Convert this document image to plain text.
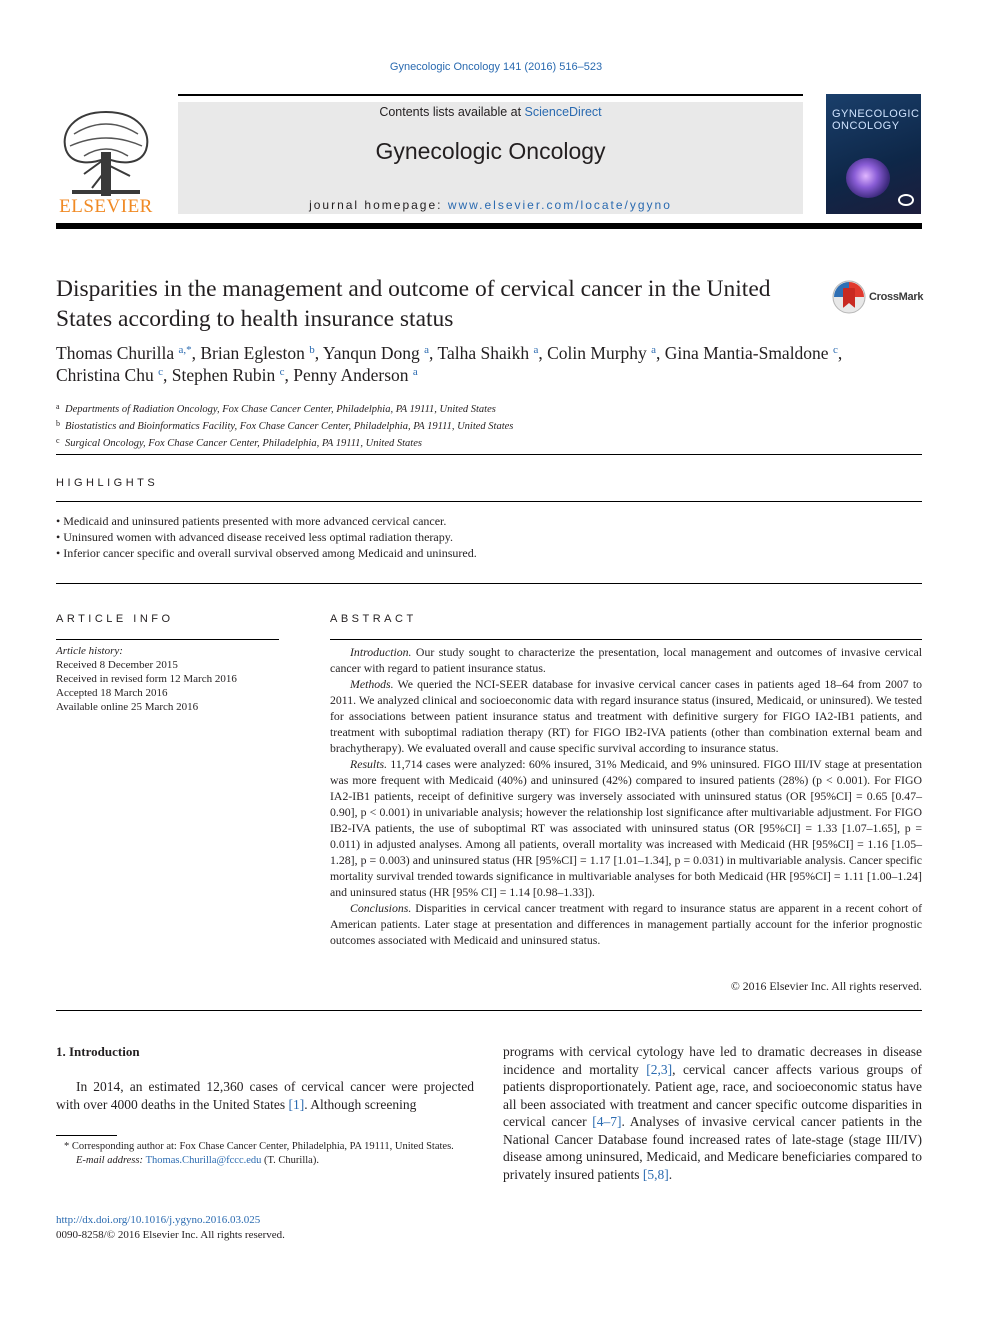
Gynecologic Oncology 141 (2016) 516–523
ELSEVIER
Contents lists available at ScienceDirect
Gynecologic Oncology
journal homepage: www.elsevier.com/locate/ygyno
GYNECOLOGIC
ONCOLOGY
Disparities in the management and outcome of cervical cancer in the United States according to health insurance status
CrossMark
Thomas Churilla $^{a,*}$, Brian Egleston $^b$, Yanqun Dong $^a$, Talha Shaikh $^a$, Colin Murphy $^a$, Gina Mantia-Smaldone $^c$,
Christina Chu $^c$, Stephen Rubin $^c$, Penny Anderson $^a$
a Departments of Radiation Oncology, Fox Chase Cancer Center, Philadelphia, PA 19111, United States
b Biostatistics and Bioinformatics Facility, Fox Chase Cancer Center, Philadelphia, PA 19111, United States
c Surgical Oncology, Fox Chase Cancer Center, Philadelphia, PA 19111, United States
HIGHLIGHTS
• Medicaid and uninsured patients presented with more advanced cervical cancer.
• Uninsured women with advanced disease received less optimal radiation therapy.
• Inferior cancer specific and overall survival observed among Medicaid and uninsured.
ARTICLE INFO
Article history:
Received 8 December 2015
Received in revised form 12 March 2016
Accepted 18 March 2016
Available online 25 March 2016
ABSTRACT

Introduction. Our study sought to characterize the presentation, local management and outcomes of invasive cervical cancer with regard to patient insurance status.

Methods. We queried the NCI-SEER database for invasive cervical cancer cases in patients aged 18–64 from 2007 to 2011. We analyzed clinical and socioeconomic data with regard insurance status (insured, Medicaid, or uninsured). We tested for associations between patient insurance status and treatment with definitive surgery for FIGO IA2-IB1 patients, and treatment with suboptimal radiation therapy (RT) for FIGO IB2-IVA patients (other than combination external beam and brachytherapy). We evaluated overall and cause specific survival according to insurance status.

Results. 11,714 cases were analyzed: 60% insured, 31% Medicaid, and 9% uninsured. FIGO III/IV stage at presentation was more frequent with Medicaid (40%) and uninsured (42%) compared to insured patients (28%) (p < 0.001). For FIGO IA2-IB1 patients, receipt of definitive surgery was inversely associated with uninsured status (OR [95%CI] = 0.65 [0.47–0.90], p < 0.001) in univariable analysis; however the relationship lost significance after multivariable adjustment. For FIGO IB2-IVA patients, the use of suboptimal RT was associated with uninsured status (OR [95%CI] = 1.33 [1.07–1.65], p = 0.011) in adjusted analyses. Among all patients, overall mortality was increased with Medicaid (HR [95%CI] = 1.16 [1.05–1.28], p = 0.003) and uninsured status (HR [95%CI] = 1.17 [1.01–1.34], p = 0.031) in multivariable analysis. Cancer specific mortality survival trended towards significance in multivariable analyses for both Medicaid (HR [95%CI] = 1.11 [1.00–1.24] and uninsured status (HR [95% CI] = 1.14 [0.98–1.33]).

Conclusions. Disparities in cervical cancer treatment with regard to insurance status are apparent in a recent cohort of American patients. Later stage at presentation and differences in management partially account for the inferior prognostic outcomes associated with Medicaid and uninsured status.

© 2016 Elsevier Inc. All rights reserved.
1. Introduction

In 2014, an estimated 12,360 cases of cervical cancer were projected with over 4000 deaths in the United States [1]. Although screening

programs with cervical cytology have led to dramatic decreases in disease incidence and mortality [2,3], cervical cancer affects various groups of patients disproportionately. Patient age, race, and socioeconomic status have all been associated with treatment and cancer specific outcome disparities in cervical cancer [4–7]. Analyses of invasive cervical cancer patients in the National Cancer Database found increased rates of late-stage (stage III/IV) disease among uninsured, Medicaid, and Medicare beneficiaries compared to privately insured patients [5,8].
* Corresponding author at: Fox Chase Cancer Center, Philadelphia, PA 19111, United States.
E-mail address: Thomas.Churilla@fccc.edu (T. Churilla).
http://dx.doi.org/10.1016/j.ygyno.2016.03.025
0090-8258/© 2016 Elsevier Inc. All rights reserved.
